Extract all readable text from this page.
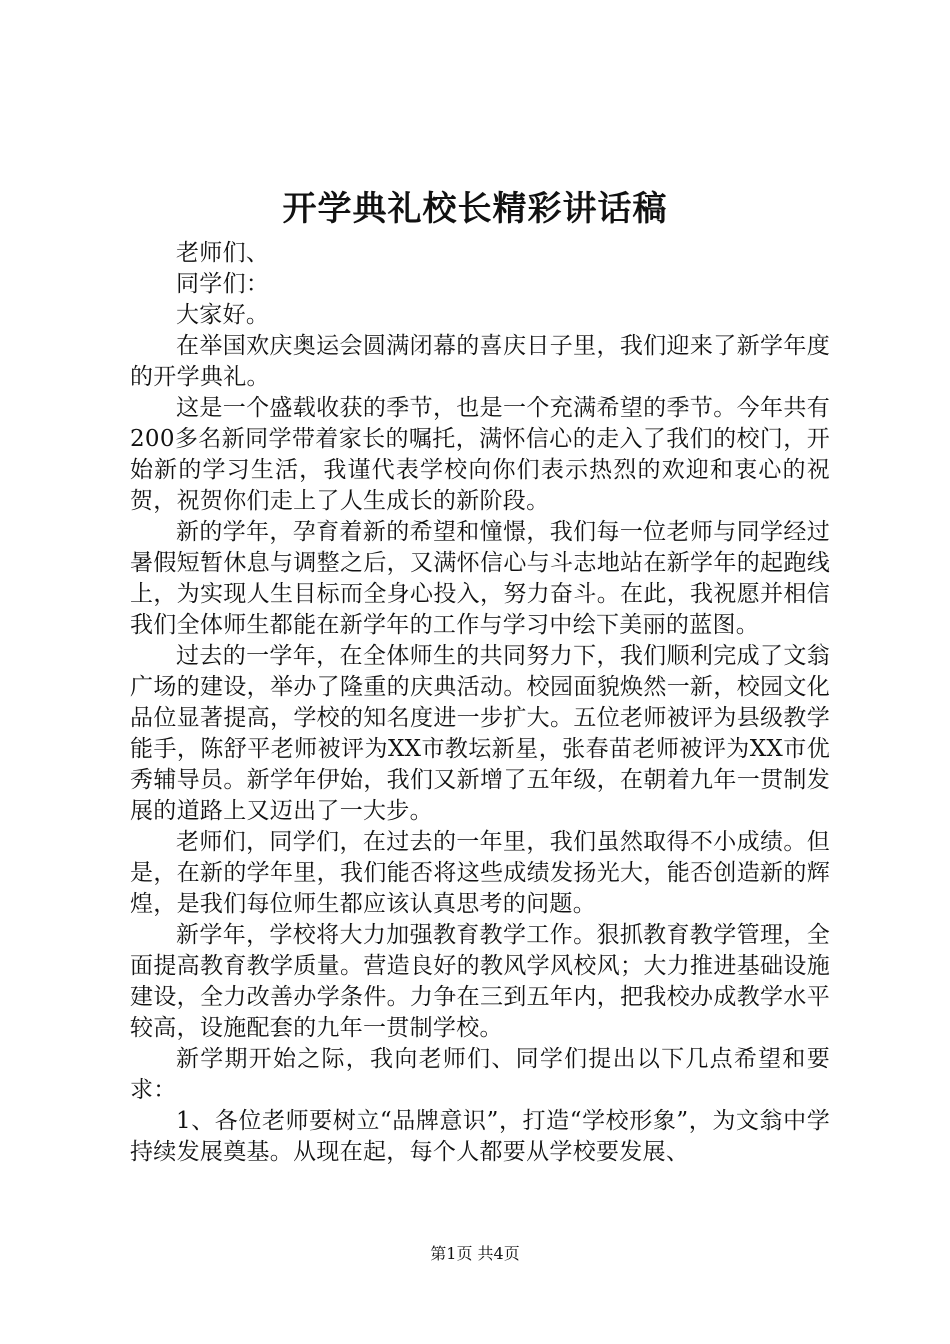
开学典礼校长精彩讲话稿

老师们、

同学们：

大家好。

在举国欢庆奥运会圆满闭幕的喜庆日子里，我们迎来了新学年度的开学典礼。

这是一个盛载收获的季节，也是一个充满希望的季节。今年共有200多名新同学带着家长的嘱托，满怀信心的走入了我们的校门，开始新的学习生活，我谨代表学校向你们表示热烈的欢迎和衷心的祝贺，祝贺你们走上了人生成长的新阶段。

新的学年，孕育着新的希望和憧憬，我们每一位老师与同学经过暑假短暂休息与调整之后，又满怀信心与斗志地站在新学年的起跑线上，为实现人生目标而全身心投入，努力奋斗。在此，我祝愿并相信我们全体师生都能在新学年的工作与学习中绘下美丽的蓝图。

过去的一学年，在全体师生的共同努力下，我们顺利完成了文翁广场的建设，举办了隆重的庆典活动。校园面貌焕然一新，校园文化品位显著提高，学校的知名度进一步扩大。五位老师被评为县级教学能手，陈舒平老师被评为XX市教坛新星，张春苗老师被评为XX市优秀辅导员。新学年伊始，我们又新增了五年级，在朝着九年一贯制发展的道路上又迈出了一大步。

老师们，同学们，在过去的一年里，我们虽然取得不小成绩。但是，在新的学年里，我们能否将这些成绩发扬光大，能否创造新的辉煌，是我们每位师生都应该认真思考的问题。

新学年，学校将大力加强教育教学工作。狠抓教育教学管理，全面提高教育教学质量。营造良好的教风学风校风；大力推进基础设施建设，全力改善办学条件。力争在三到五年内，把我校办成教学水平较高，设施配套的九年一贯制学校。

新学期开始之际，我向老师们、同学们提出以下几点希望和要求：

1、各位老师要树立“品牌意识”，打造“学校形象”，为文翁中学持续发展奠基。从现在起，每个人都要从学校要发展、

第1页 共4页
